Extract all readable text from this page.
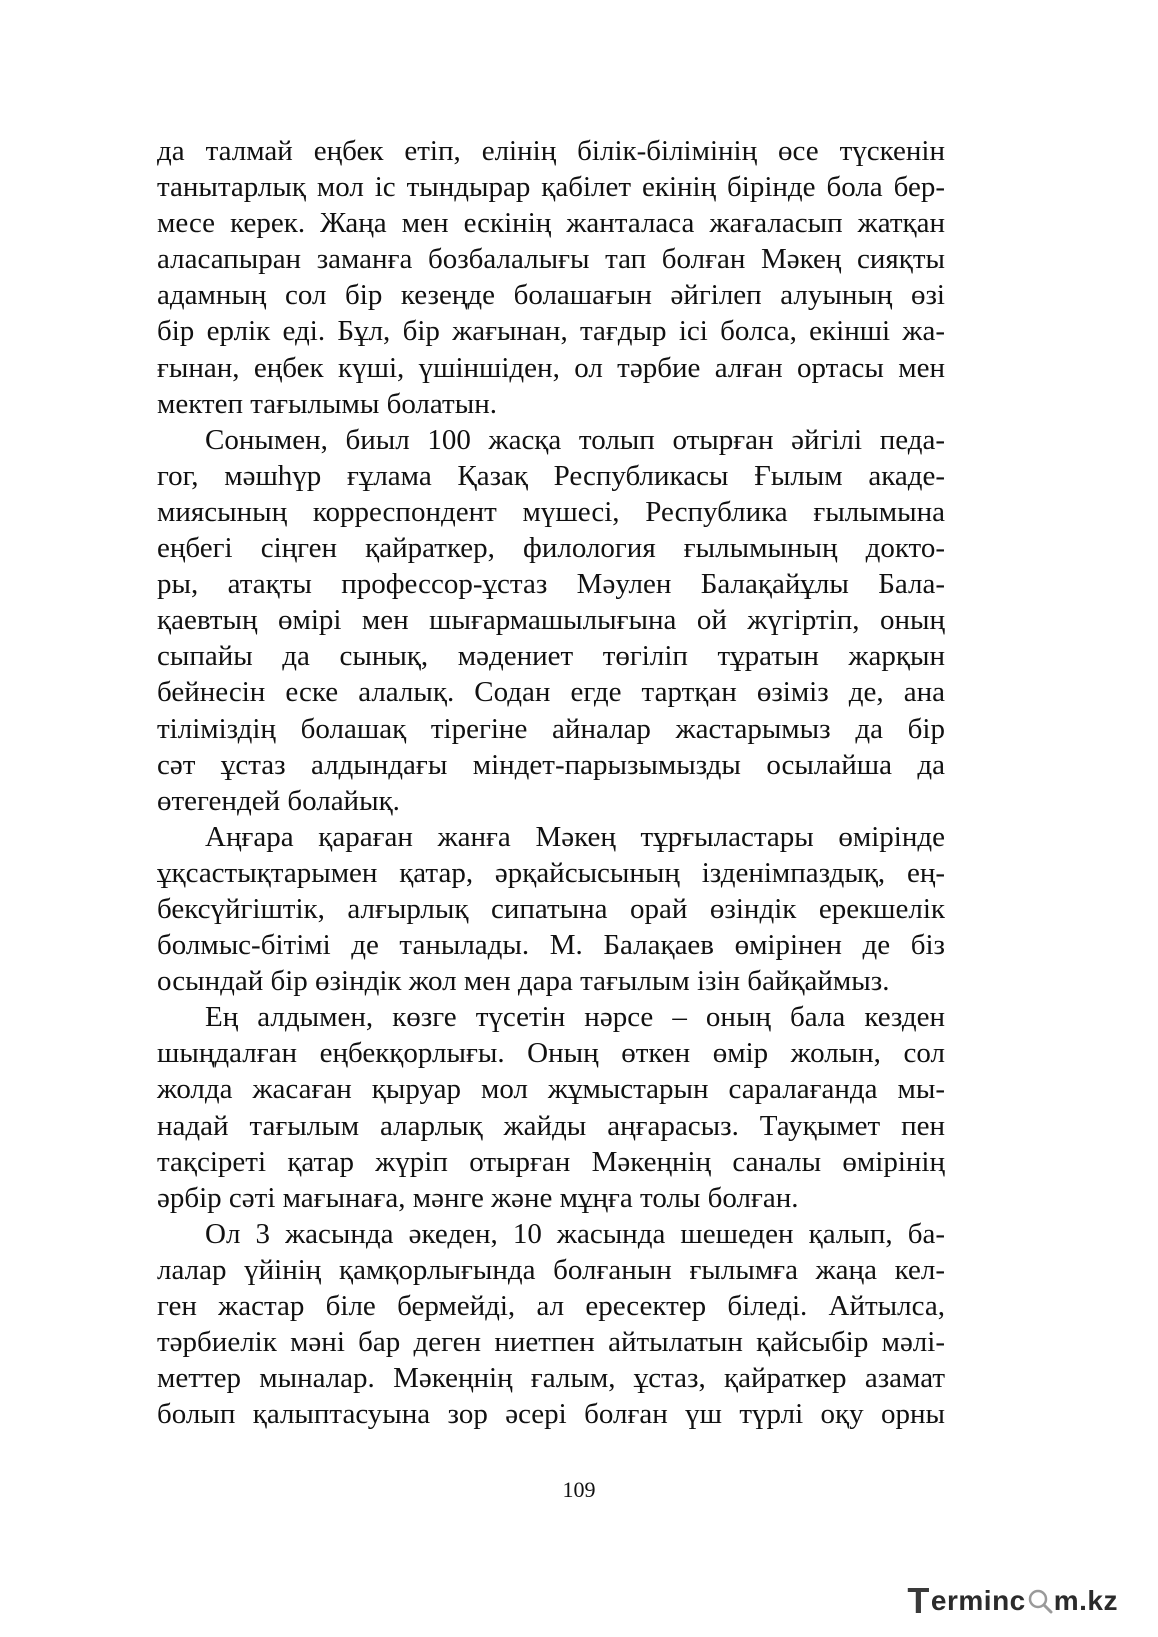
да талмай еңбек етіп, елінің білік-білімінің өсе түскенін
танытарлық мол іс тындырар қабілет екінің бірінде бола бер-
месе керек. Жаңа мен ескінің жанталаса жағаласып жатқан
аласапыран заманға бозбалалығы тап болған Мәкең сияқты
адамның сол бір кезеңде болашағын әйгілеп алуының өзі
бір ерлік еді. Бұл, бір жағынан, тағдыр ісі болса, екінші жа-
ғынан, еңбек күші, үшіншіден, ол тәрбие алған ортасы мен
мектеп тағылымы болатын.
Сонымен, биыл 100 жасқа толып отырған әйгілі педа-
гог, мәшһүр ғұлама Қазақ Республикасы Ғылым акаде-
миясының корреспондент мүшесі, Республика ғылымына
еңбегі сіңген қайраткер, филология ғылымының докто-
ры, атақты профессор-ұстаз Мәулен Балақайұлы Бала-
қаевтың өмірі мен шығармашылығына ой жүгіртіп, оның
сыпайы да сынық, мәдениет төгіліп тұратын жарқын
бейнесін еске алалық. Содан егде тартқан өзіміз де, ана
тіліміздің болашақ тірегіне айналар жастарымыз да бір
сәт ұстаз алдындағы міндет-парызымызды осылайша да
өтегендей болайық.
Аңғара қараған жанға Мәкең тұрғыластары өмірінде
ұқсастықтарымен қатар, әрқайсысының ізденімпаздық, ең-
бексүйгіштік, алғырлық сипатына орай өзіндік ерекшелік
болмыс-бітімі де танылады. М. Балақаев өмірінен де біз
осындай бір өзіндік жол мен дара тағылым ізін байқаймыз.
Ең алдымен, көзге түсетін нәрсе – оның бала кезден
шыңдалған еңбекқорлығы. Оның өткен өмір жолын, сол
жолда жасаған қыруар мол жұмыстарын саралағанда мы-
надай тағылым аларлық жайды аңғарасыз. Тауқымет пен
тақсіреті қатар жүріп отырған Мәкеңнің саналы өмірінің
әрбір сәті мағынаға, мәнге және мұңға толы болған.
Ол 3 жасында әкеден, 10 жасында шешеден қалып, ба-
лалар үйінің қамқорлығында болғанын ғылымға жаңа кел-
ген жастар біле бермейді, ал ересектер біледі. Айтылса,
тәрбиелік мәні бар деген ниетпен айтылатын қайсыбір мәлі-
меттер мыналар. Мәкеңнің ғалым, ұстаз, қайраткер азамат
болып қалыптасуына зор әсері болған үш түрлі оқу орны
109
T erminc m.kz
